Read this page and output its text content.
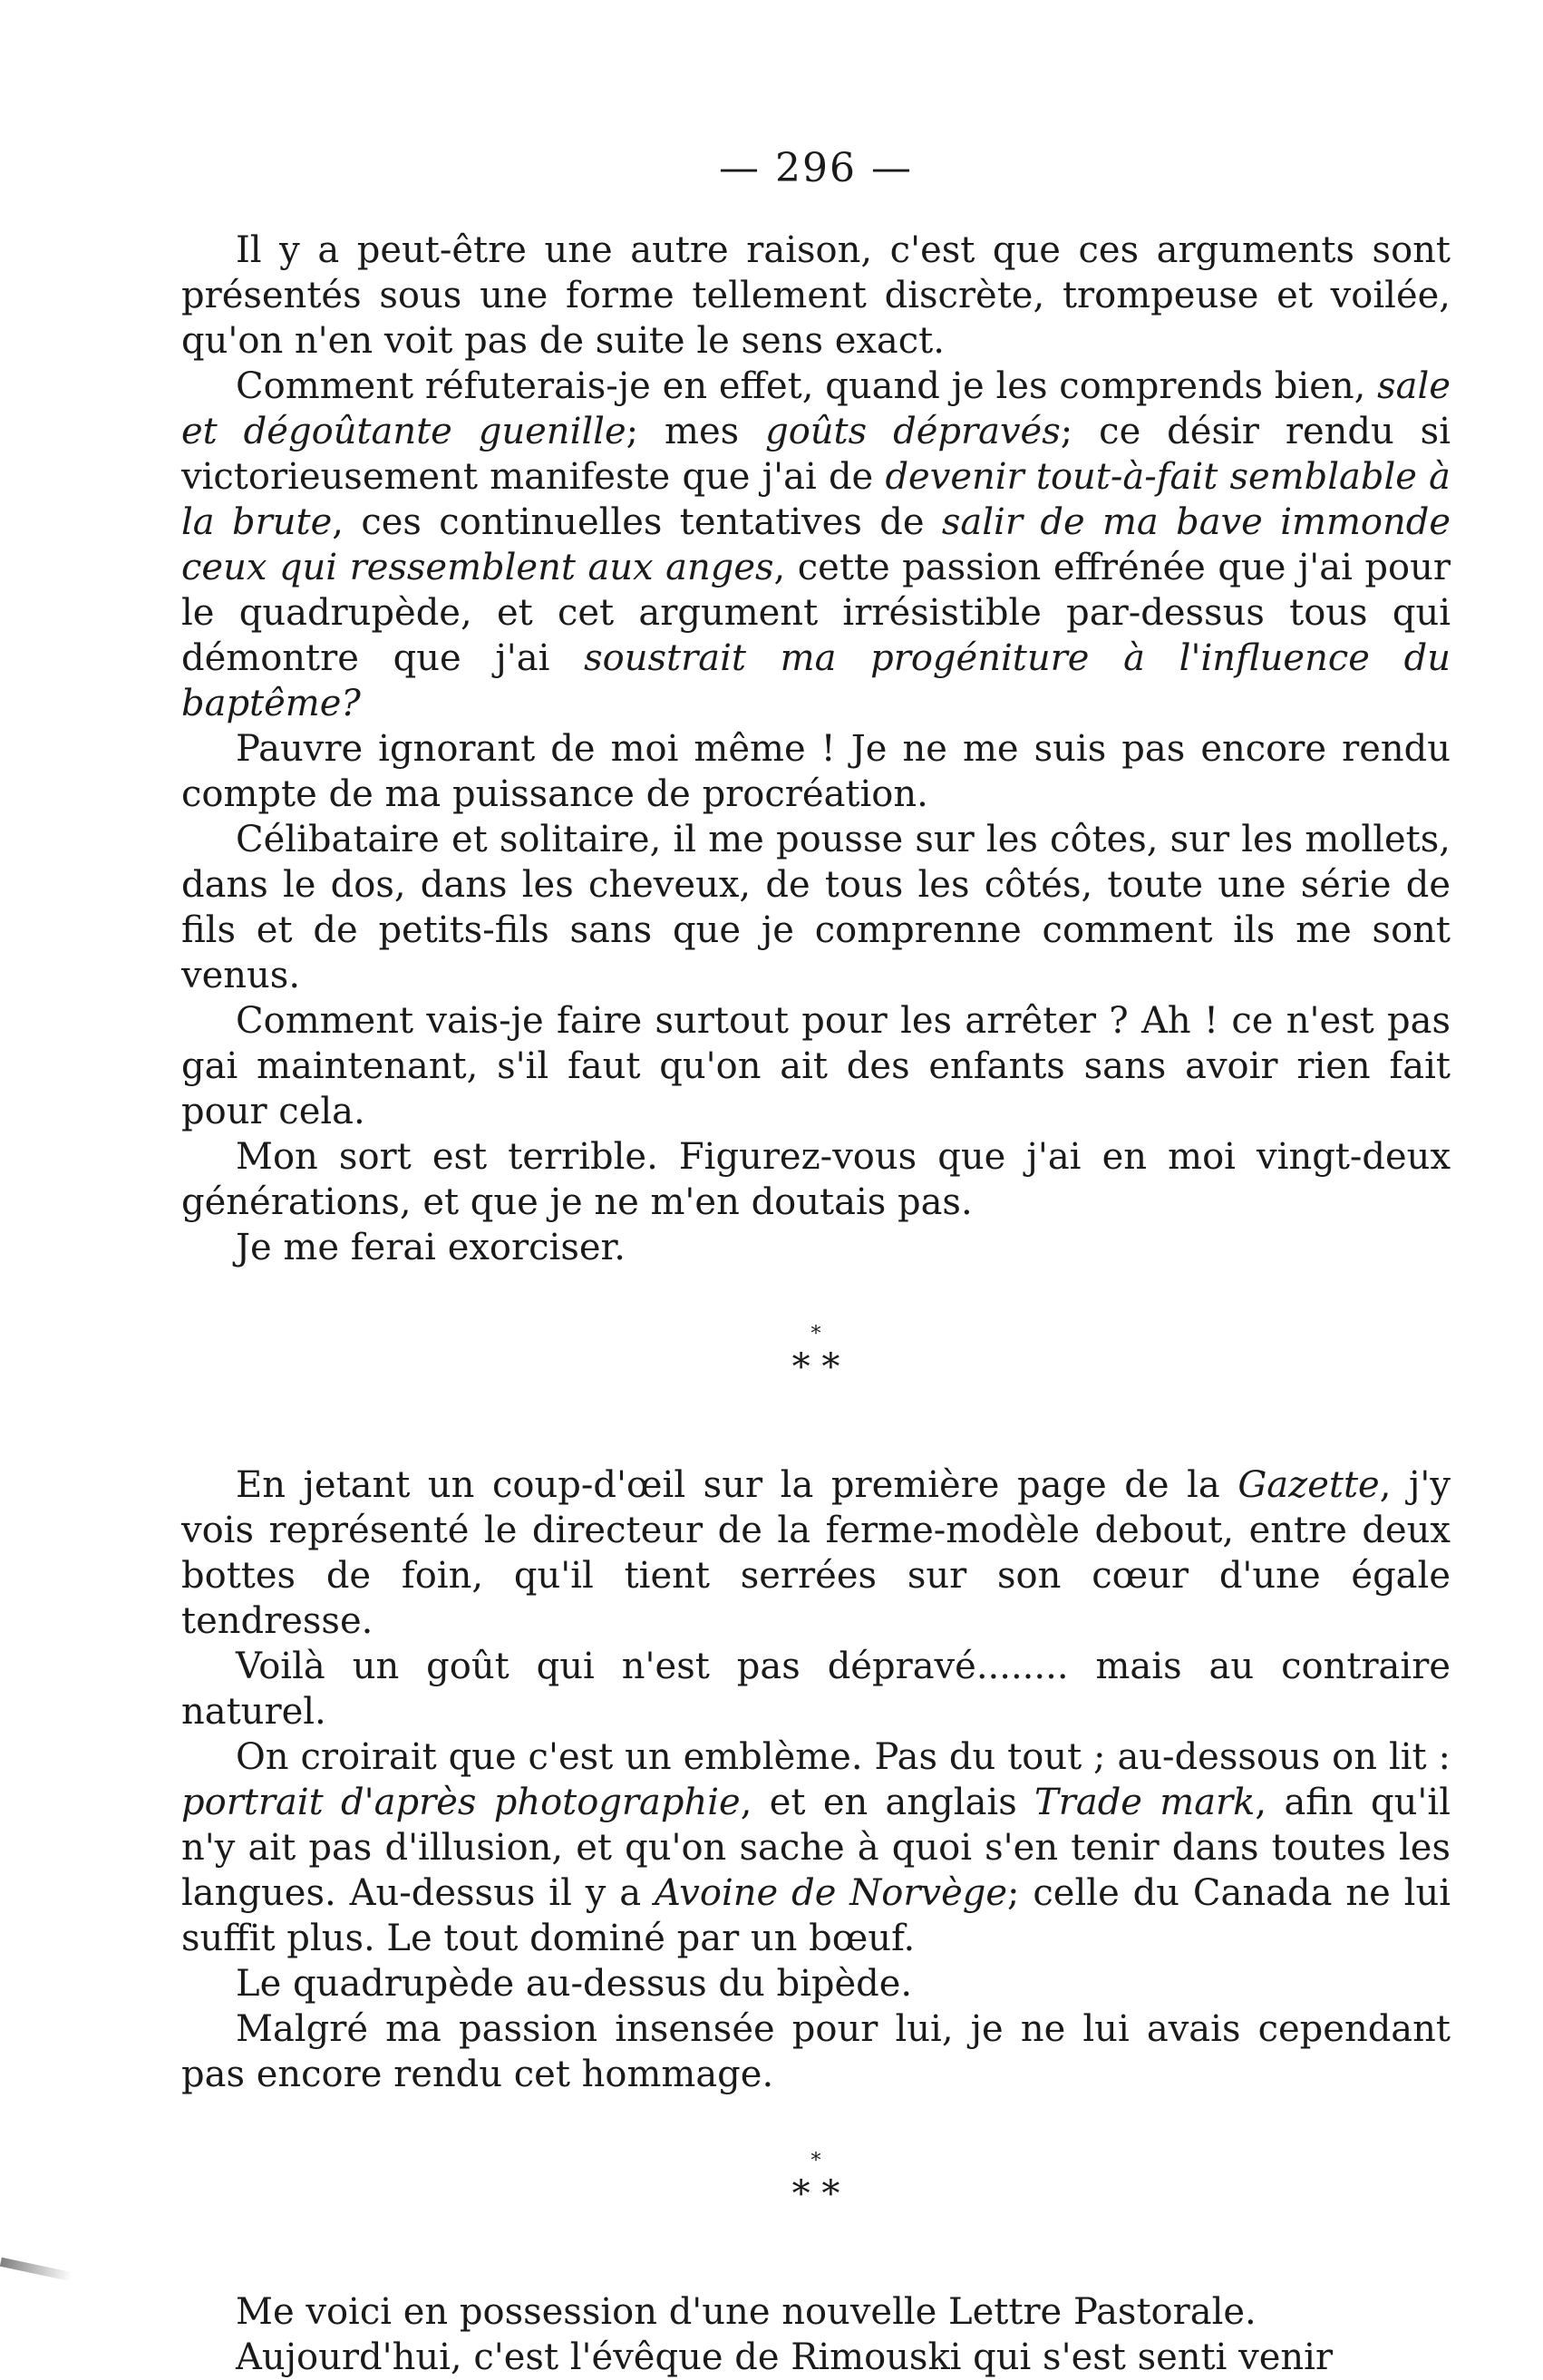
— 296 —

Il y a peut-être une autre raison, c'est que ces arguments sont présentés sous une forme tellement discrète, trompeuse et voilée, qu'on n'en voit pas de suite le sens exact.

Comment réfuterais-je en effet, quand je les comprends bien, sale et dégoûtante guenille; mes goûts dépravés; ce désir rendu si victorieusement manifeste que j'ai de devenir tout-à-fait semblable à la brute, ces continuelles tentatives de salir de ma bave immonde ceux qui ressemblent aux anges, cette passion effrénée que j'ai pour le quadrupède, et cet argument irrésistible par-dessus tous qui démontre que j'ai soustrait ma progéniture à l'influence du baptême?

Pauvre ignorant de moi même ! Je ne me suis pas encore rendu compte de ma puissance de procréation.

Célibataire et solitaire, il me pousse sur les côtes, sur les mollets, dans le dos, dans les cheveux, de tous les côtés, toute une série de fils et de petits-fils sans que je comprenne comment ils me sont venus.

Comment vais-je faire surtout pour les arrêter ? Ah ! ce n'est pas gai maintenant, s'il faut qu'on ait des enfants sans avoir rien fait pour cela.

Mon sort est terrible. Figurez-vous que j'ai en moi vingt-deux générations, et que je ne m'en doutais pas.

Je me ferai exorciser.

*
* *

En jetant un coup-d'œil sur la première page de la Gazette, j'y vois représenté le directeur de la ferme-modèle debout, entre deux bottes de foin, qu'il tient serrées sur son cœur d'une égale tendresse.

Voilà un goût qui n'est pas dépravé........ mais au contraire naturel.

On croirait que c'est un emblème. Pas du tout ; au-dessous on lit : portrait d'après photographie, et en anglais Trade mark, afin qu'il n'y ait pas d'illusion, et qu'on sache à quoi s'en tenir dans toutes les langues. Au-dessus il y a Avoine de Norvège; celle du Canada ne lui suffit plus. Le tout dominé par un bœuf.

Le quadrupède au-dessus du bipède.

Malgré ma passion insensée pour lui, je ne lui avais cependant pas encore rendu cet hommage.

*
* *

Me voici en possession d'une nouvelle Lettre Pastorale.

Aujourd'hui, c'est l'évêque de Rimouski qui s'est senti venir
